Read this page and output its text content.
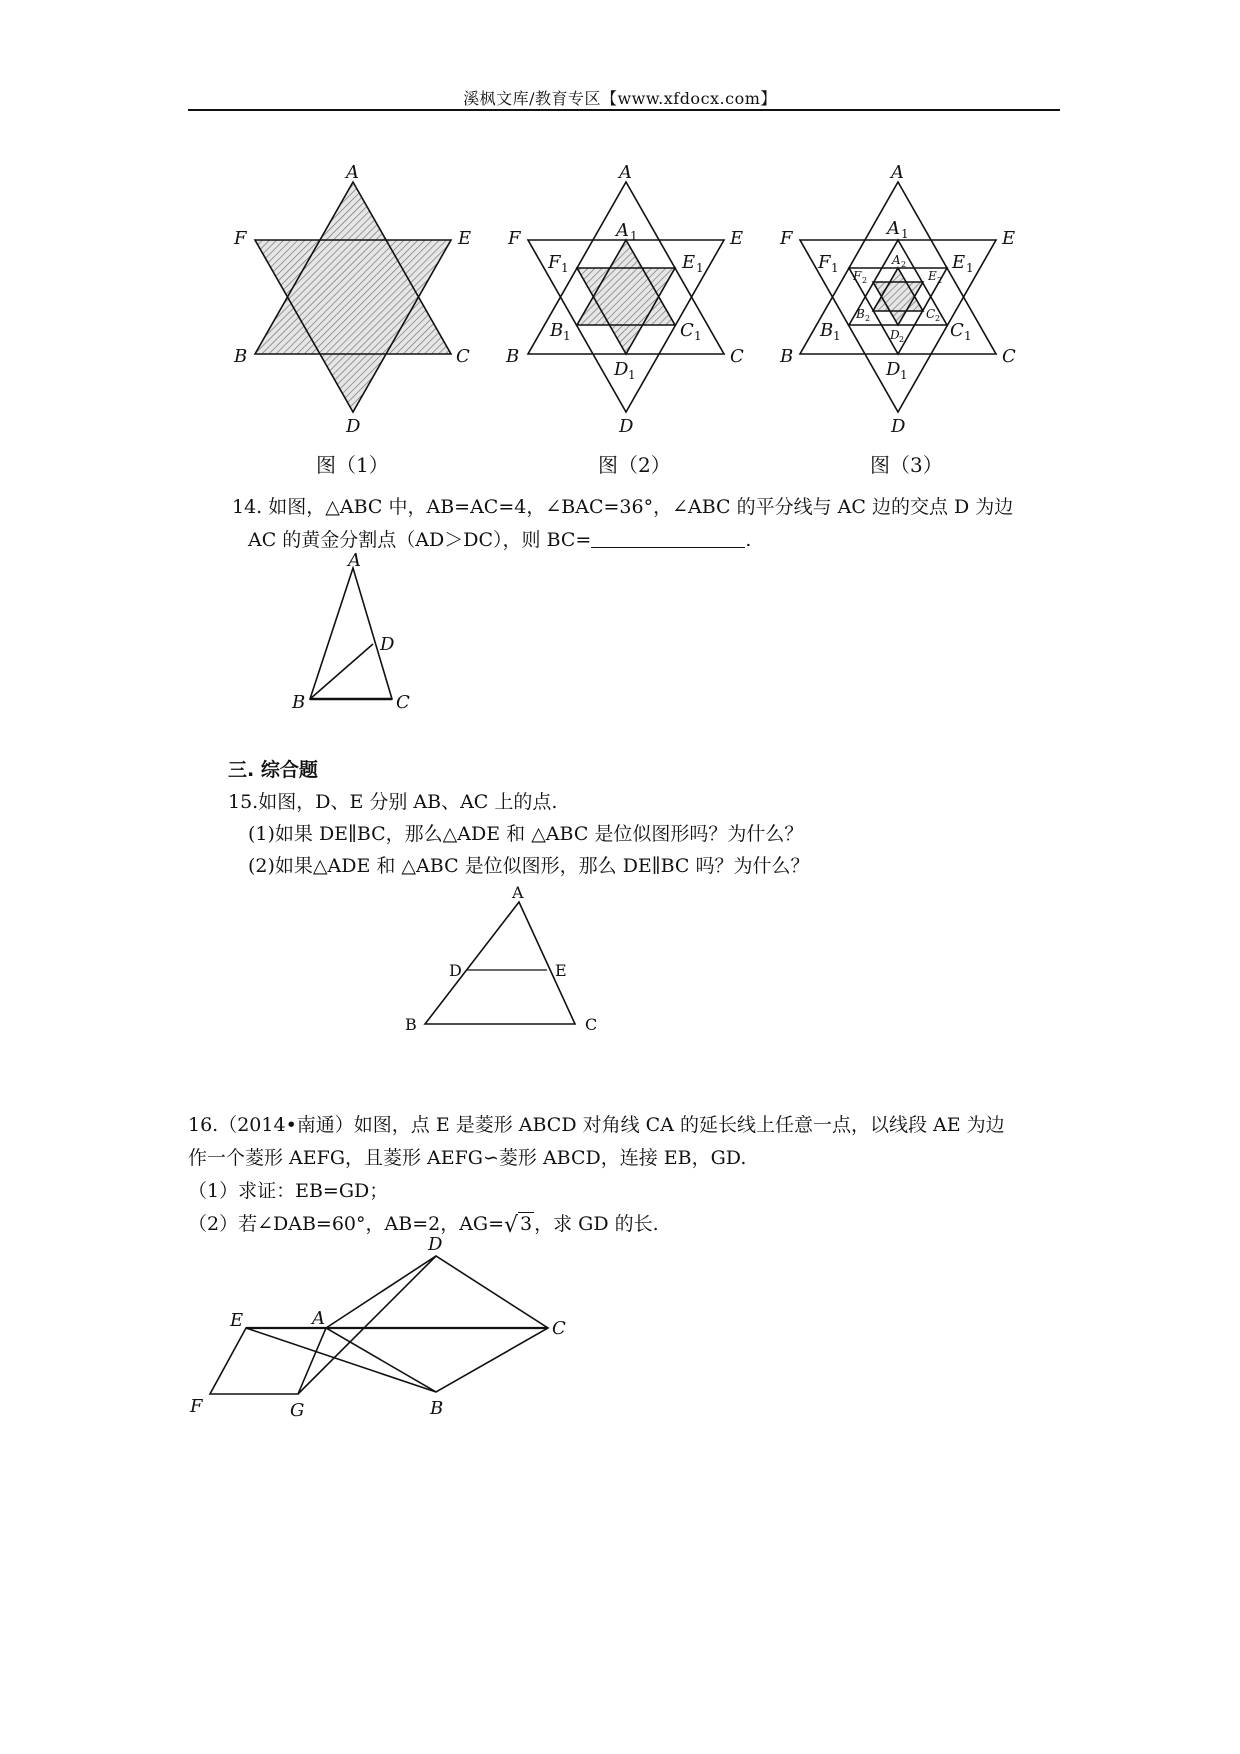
溪枫文库/教育专区【www.xfdocx.com】
A
F	E
B	C
D
图（1）
A
F	E
B	C
D
A 1
F 1	E 1
B 1	C 1
D 1
图（2）
A
F	E
B	C
D
A 1
F 1	E 1
B 1	C 1
D 1
A 2
F 2	E 2
B 2	C 2
D 2
图（3）
14. 如图，△ABC 中，AB=AC=4，∠BAC=36°，∠ABC 的平分线与 AC 边的交点 D 为边
AC 的黄金分割点（AD＞DC），则 BC=	.
A
D
B	C
三. 综合题
15.如图，D、E 分别 AB、AC 上的点.
(1)如果 DE∥BC，那么△ADE 和 △ABC 是位似图形吗？为什么？
(2)如果△ADE 和 △ABC 是位似图形，那么 DE∥BC 吗？为什么？
A
D	E
B	C
16.（2014•南通）如图，点 E 是菱形 ABCD 对角线 CA 的延长线上任意一点，以线段 AE 为边
作一个菱形 AEFG，且菱形 AEFG∽菱形 ABCD，连接 EB，GD.
（1）求证：EB=GD；
（2）若∠DAB=60°，AB=2，AG= √ 3 ，求 GD 的长.
D
A
E	C
B
F	G
